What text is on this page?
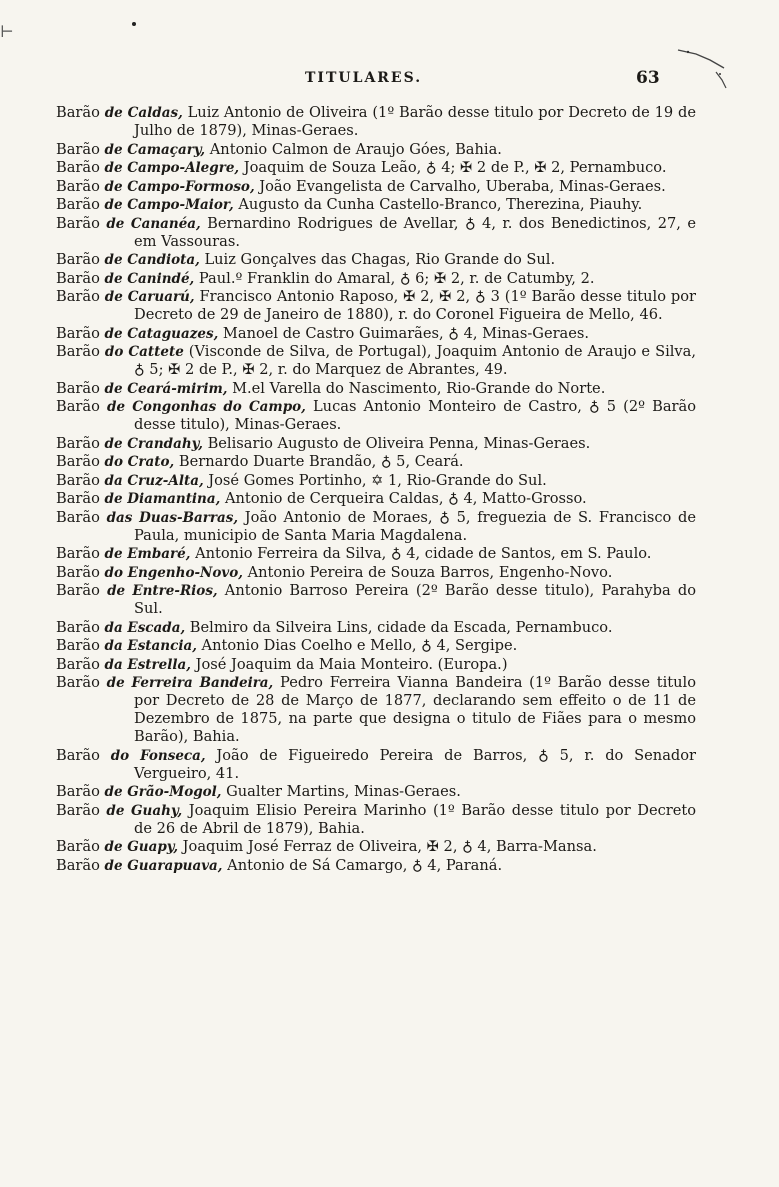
⊢
TITULARES.	63
Barão de Caldas, Luiz Antonio de Oliveira (1º Barão desse titulo por Decreto de 19 de Julho de 1879), Minas-Geraes.
Barão de Camaçary, Antonio Calmon de Araujo Góes, Bahia.
Barão de Campo-Alegre, Joaquim de Souza Leão, ♁ 4; ✠ 2 de P., ✠ 2, Pernambuco.
Barão de Campo-Formoso, João Evangelista de Carvalho, Uberaba, Minas-Geraes.
Barão de Campo-Maior, Augusto da Cunha Castello-Branco, Therezina, Piauhy.
Barão de Cananéa, Bernardino Rodrigues de Avellar, ♁ 4, r. dos Benedictinos, 27, e em Vassouras.
Barão de Candiota, Luiz Gonçalves das Chagas, Rio Grande do Sul.
Barão de Canindé, Paul.º Franklin do Amaral, ♁ 6; ✠ 2, r. de Catumby, 2.
Barão de Caruarú, Francisco Antonio Raposo, ✠ 2, ✠ 2, ♁ 3 (1º Barão desse titulo por Decreto de 29 de Janeiro de 1880), r. do Coronel Figueira de Mello, 46.
Barão de Cataguazes, Manoel de Castro Guimarães, ♁ 4, Minas-Geraes.
Barão do Cattete (Visconde de Silva, de Portugal), Joaquim Antonio de Araujo e Silva, ♁ 5; ✠ 2 de P., ✠ 2, r. do Marquez de Abrantes, 49.
Barão de Ceará-mirim, M.el Varella do Nascimento, Rio-Grande do Norte.
Barão de Congonhas do Campo, Lucas Antonio Monteiro de Castro, ♁ 5 (2º Barão desse titulo), Minas-Geraes.
Barão de Crandahy, Belisario Augusto de Oliveira Penna, Minas-Geraes.
Barão do Crato, Bernardo Duarte Brandão, ♁ 5, Ceará.
Barão da Cruz-Alta, José Gomes Portinho, ✡ 1, Rio-Grande do Sul.
Barão de Diamantina, Antonio de Cerqueira Caldas, ♁ 4, Matto-Grosso.
Barão das Duas-Barras, João Antonio de Moraes, ♁ 5, freguezia de S. Francisco de Paula, municipio de Santa Maria Magdalena.
Barão de Embaré, Antonio Ferreira da Silva, ♁ 4, cidade de Santos, em S. Paulo.
Barão do Engenho-Novo, Antonio Pereira de Souza Barros, Engenho-Novo.
Barão de Entre-Rios, Antonio Barroso Pereira (2º Barão desse titulo), Parahyba do Sul.
Barão da Escada, Belmiro da Silveira Lins, cidade da Escada, Pernambuco.
Barão da Estancia, Antonio Dias Coelho e Mello, ♁ 4, Sergipe.
Barão da Estrella, José Joaquim da Maia Monteiro. (Europa.)
Barão de Ferreira Bandeira, Pedro Ferreira Vianna Bandeira (1º Barão desse titulo por Decreto de 28 de Março de 1877, declarando sem effeito o de 11 de Dezembro de 1875, na parte que designa o titulo de Fiães para o mesmo Barão), Bahia.
Barão do Fonseca, João de Figueiredo Pereira de Barros, ♁ 5, r. do Senador Vergueiro, 41.
Barão de Grão-Mogol, Gualter Martins, Minas-Geraes.
Barão de Guahy, Joaquim Elisio Pereira Marinho (1º Barão desse titulo por Decreto de 26 de Abril de 1879), Bahia.
Barão de Guapy, Joaquim José Ferraz de Oliveira, ✠ 2, ♁ 4, Barra-Mansa.
Barão de Guarapuava, Antonio de Sá Camargo, ♁ 4, Paraná.
